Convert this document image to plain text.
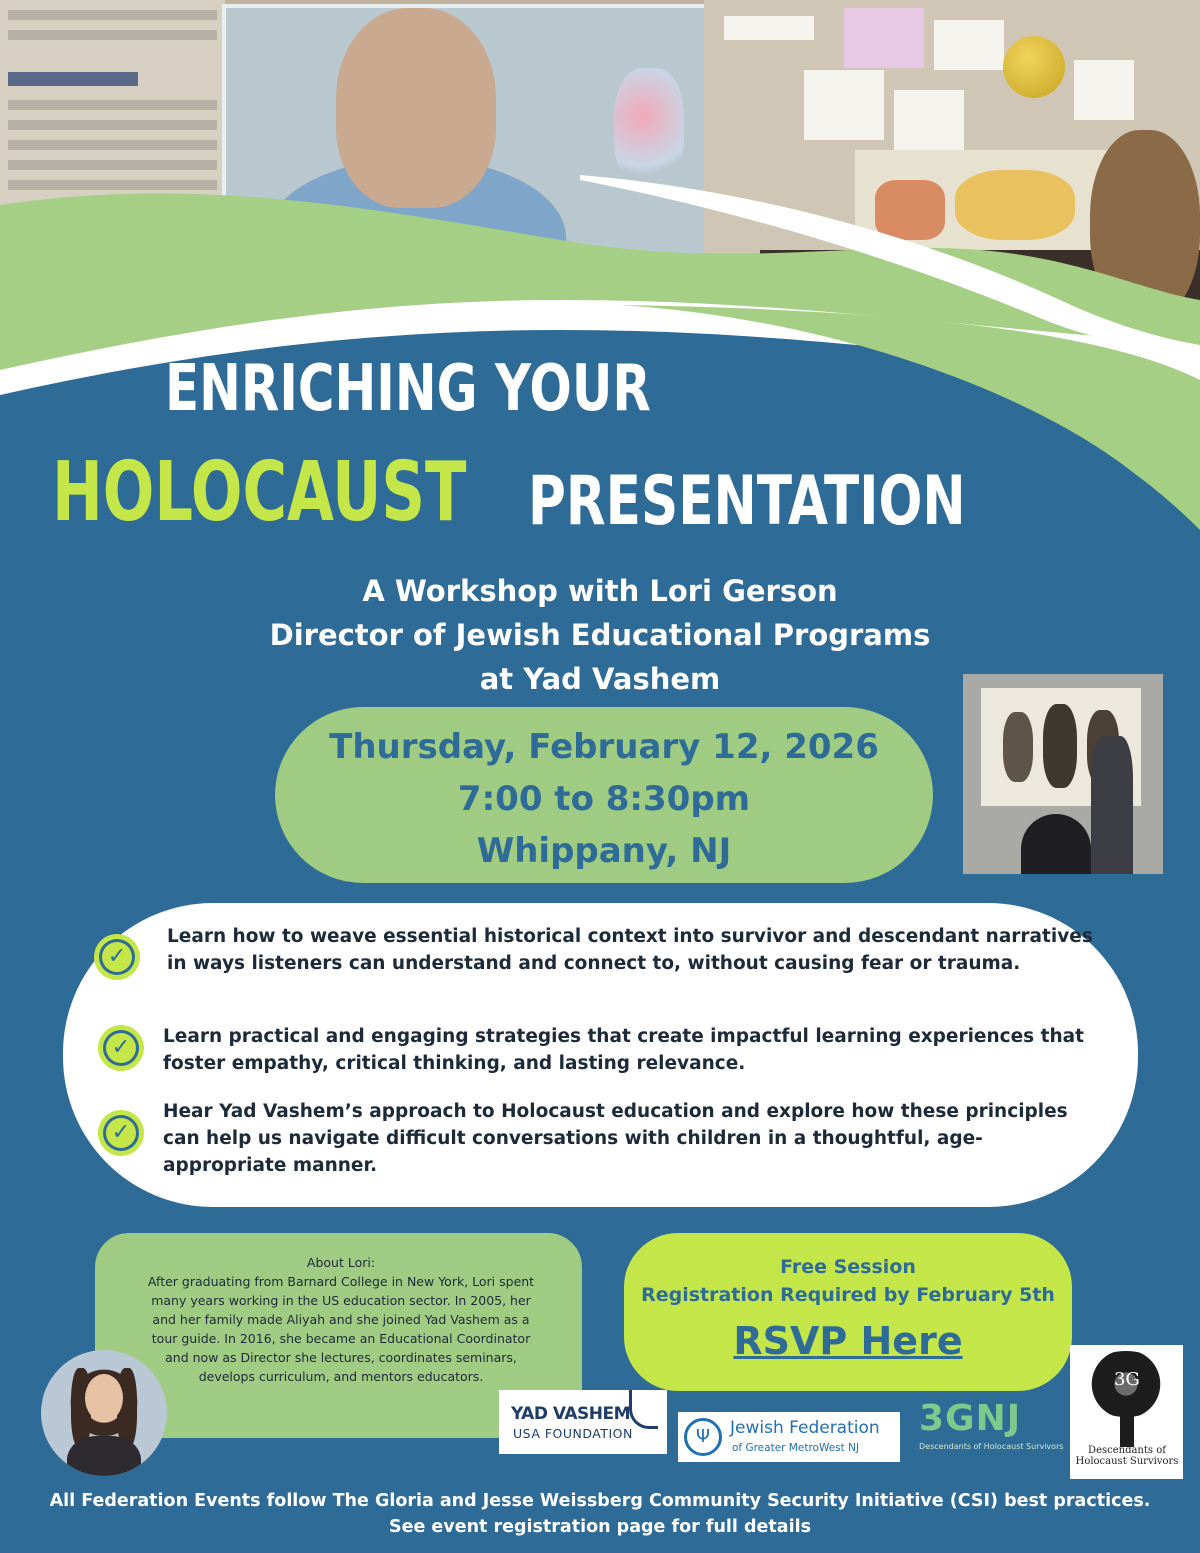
ENRICHING YOUR
HOLOCAUST PRESENTATION
A Workshop with Lori Gerson
Director of Jewish Educational Programs
at Yad Vashem
Thursday, February 12, 2026
7:00 to 8:30pm
Whippany, NJ
✓
Learn how to weave essential historical context into survivor and descendant narratives in ways listeners can understand and connect to, without causing fear or trauma.
✓	Learn practical and engaging strategies that create impactful learning experiences that foster empathy, critical thinking, and lasting relevance.
✓
Hear Yad Vashem’s approach to Holocaust education and explore how these principles can help us navigate difficult conversations with children in a thoughtful, age-appropriate manner.
About Lori:
After graduating from Barnard College in New York, Lori spent many years working in the US education sector. In 2005, her and her family made Aliyah and she joined Yad Vashem as a tour guide. In 2016, she became an Educational Coordinator and now as Director she lectures, coordinates seminars, develops curriculum, and mentors educators.
Free Session
Registration Required by February 5th
RSVP Here
YAD VASHEM
USA FOUNDATION	Ψ	Jewish Federation
of Greater MetroWest NJ
3GNJ
Descendants of Holocaust Survivors
3G
Descendants of Holocaust Survivors
All Federation Events follow The Gloria and Jesse Weissberg Community Security Initiative (CSI) best practices. See event registration page for full details
